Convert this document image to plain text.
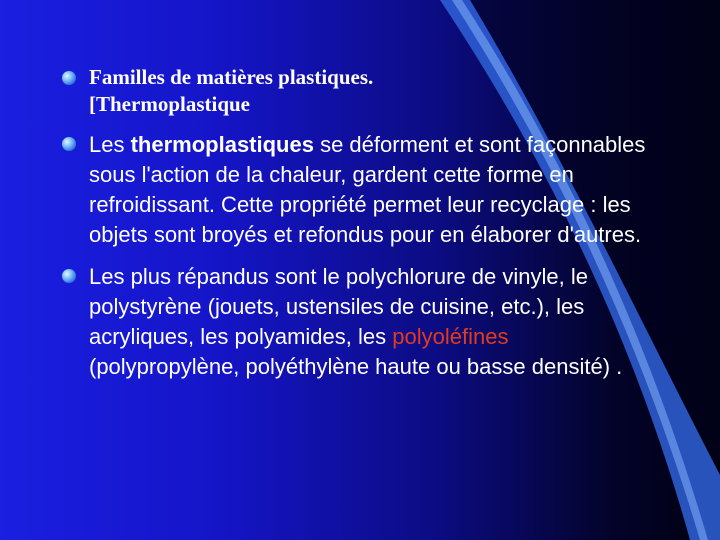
Familles de matières plastiques.
[Thermoplastique
Les thermoplastiques se déforment et sont façonnables sous l'action de la chaleur, gardent cette forme en refroidissant. Cette propriété permet leur recyclage : les objets sont broyés et refondus pour en élaborer d'autres.
Les plus répandus sont le polychlorure de vinyle, le polystyrène (jouets, ustensiles de cuisine, etc.), les acryliques, les polyamides, les polyoléfines (polypropylène, polyéthylène haute ou basse densité) .
